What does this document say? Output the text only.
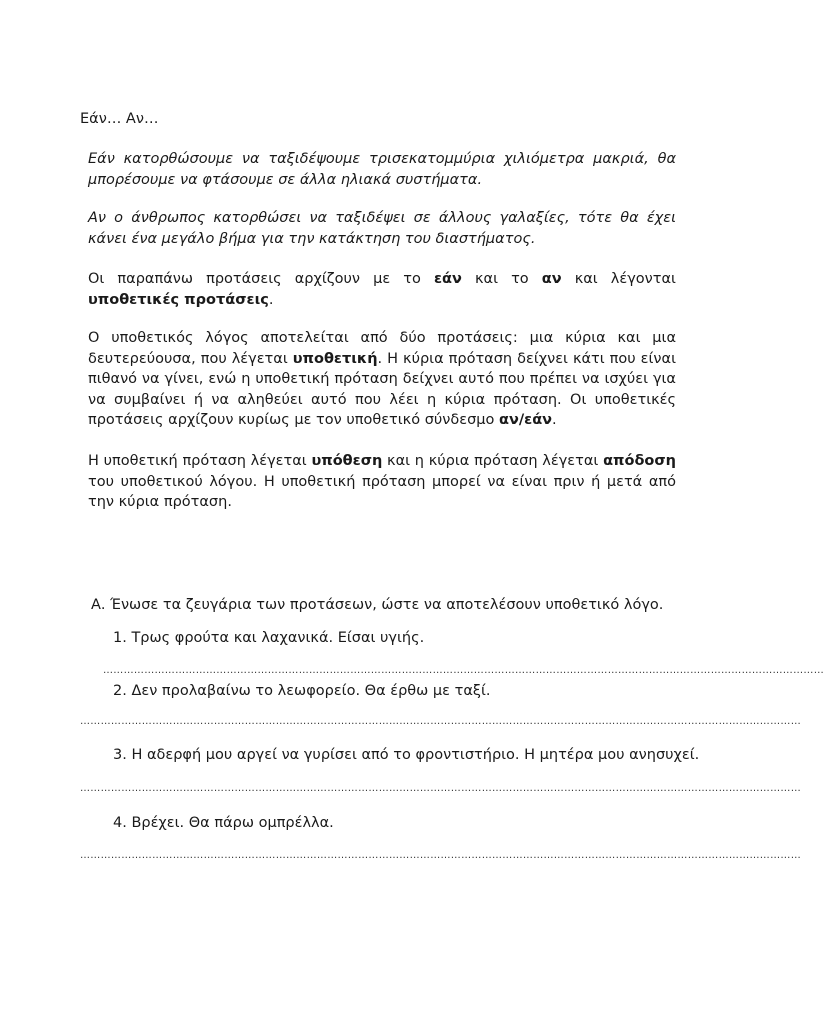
Εάν… Αν…

Εάν κατορθώσουμε να ταξιδέψουμε τρισεκατομμύρια χιλιόμετρα μακριά, θα μπορέσουμε να φτάσουμε σε άλλα ηλιακά συστήματα.

Αν ο άνθρωπος κατορθώσει να ταξιδέψει σε άλλους γαλαξίες, τότε θα έχει κάνει ένα μεγάλο βήμα για την κατάκτηση του διαστήματος.

Οι παραπάνω προτάσεις αρχίζουν με το εάν και το αν και λέγονται υποθετικές προτάσεις.

Ο υποθετικός λόγος αποτελείται από δύο προτάσεις: μια κύρια και μια δευτερεύουσα, που λέγεται υποθετική. Η κύρια πρόταση δείχνει κάτι που είναι πιθανό να γίνει, ενώ η υποθετική πρόταση δείχνει αυτό που πρέπει να ισχύει για να συμβαίνει ή να αληθεύει αυτό που λέει η κύρια πρόταση. Οι υποθετικές προτάσεις αρχίζουν κυρίως με τον υποθετικό σύνδεσμο αν/εάν.

Η υποθετική πρόταση λέγεται υπόθεση και η κύρια πρόταση λέγεται απόδοση του υποθετικού λόγου. Η υποθετική πρόταση μπορεί να είναι πριν ή μετά από την κύρια πρόταση.

Α. Ένωσε τα ζευγάρια των προτάσεων, ώστε να αποτελέσουν υποθετικό λόγο.
1. Τρως φρούτα και λαχανικά. Είσαι υγιής.
…………………………………………………………………………………………………………………………………………………………………………………………
2. Δεν προλαβαίνω το λεωφορείο. Θα έρθω με ταξί.
…………………………………………………………………………………………………………………………………………………………………………………………
3. Η αδερφή μου αργεί να γυρίσει από το φροντιστήριο. Η μητέρα μου ανησυχεί.
…………………………………………………………………………………………………………………………………………………………………………………………
4. Βρέχει. Θα πάρω ομπρέλλα.
…………………………………………………………………………………………………………………………………………………………………………………………
